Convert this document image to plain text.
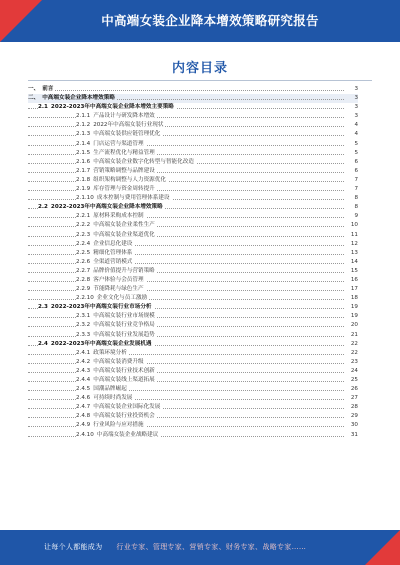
中高端女装企业降本增效策略研究报告
内容目录
一、 前言	3
二、 中高端女装企业降本增效策略	3
2.1 2022-2023年中高端女装企业降本增效主要策略	3
2.1.1 产品设计与研发降本增效	3
2.1.2 2022年中高端女装行业现状	4
2.1.3 中高端女装供应链管理优化	4
2.1.4 门店运营与渠道管理	5
2.1.5 生产流程优化与精益管理	5
2.1.6 中高端女装企业数字化转型与智能化改造	6
2.1.7 营销策略调整与品牌建设	6
2.1.8 组织架构调整与人力资源优化	7
2.1.9 库存管理与资金周转提升	7
2.1.10 成本控制与费用管理体系建设	8
2.2 2022-2023年中高端女装企业降本增效策略	8
2.2.1 原材料采购成本控制	9
2.2.2 中高端女装企业柔性生产	10
2.2.3 中高端女装企业渠道优化	11
2.2.4 企业信息化建设	12
2.2.5 精细化管理体系	13
2.2.6 全渠道营销模式	14
2.2.7 品牌价值提升与营销策略	15
2.2.8 客户体验与会员管理	16
2.2.9 节能降耗与绿色生产	17
2.2.10 企业文化与员工激励	18
2.3 2022-2023年中高端女装行业市场分析	19
2.3.1 中高端女装行业市场规模	19
2.3.2 中高端女装行业竞争格局	20
2.3.3 中高端女装行业发展趋势	21
2.4 2022-2023年中高端女装企业发展机遇	22
2.4.1 政策环境分析	22
2.4.2 中高端女装消费升级	23
2.4.3 中高端女装行业技术创新	24
2.4.4 中高端女装线上渠道拓展	25
2.4.5 国潮品牌崛起	26
2.4.6 可持续时尚发展	27
2.4.7 中高端女装企业国际化发展	28
2.4.8 中高端女装行业投资机会	29
2.4.9 行业风险与应对措施	30
2.4.10 中高端女装企业战略建议	31
让每个人都能成为 行业专家、管理专家、营销专家、财务专家、战略专家……
